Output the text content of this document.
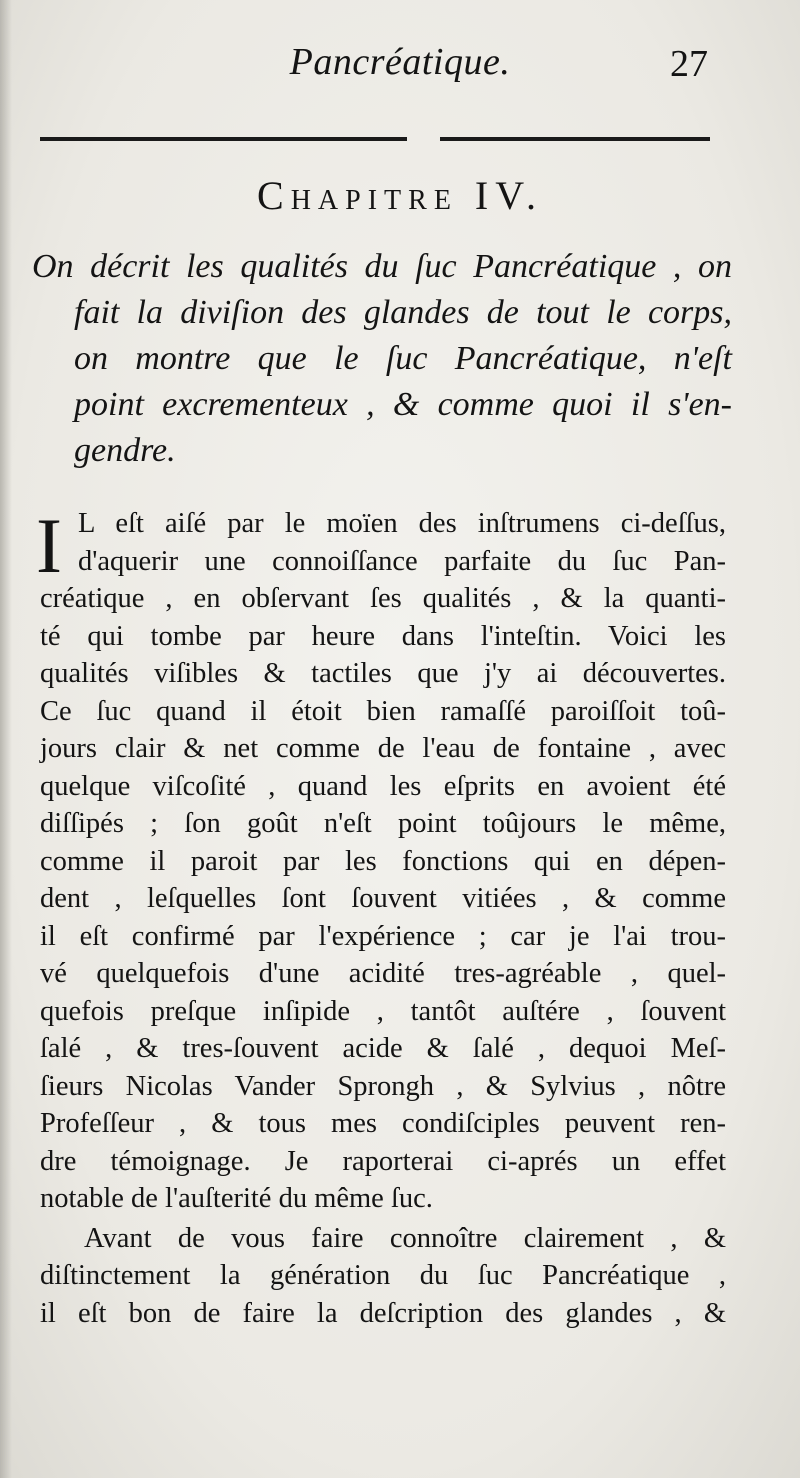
Pancréatique.	27
Chapitre IV.
On décrit les qualités du ſuc Pancréatique , on
fait la diviſion des glandes de tout le corps,
on montre que le ſuc Pancréatique, n'eſt
point excrementeux , & comme quoi il s'en-
gendre.
I L eſt aiſé par le moïen des inſtrumens ci-deſſus,
d'aquerir une connoiſſance parfaite du ſuc Pan-
créatique , en obſervant ſes qualités , & la quanti-
té qui tombe par heure dans l'inteſtin. Voici les
qualités viſibles & tactiles que j'y ai découvertes.
Ce ſuc quand il étoit bien ramaſſé paroiſſoit toû-
jours clair & net comme de l'eau de fontaine , avec
quelque viſcoſité , quand les eſprits en avoient été
diſſipés ; ſon goût n'eſt point toûjours le même,
comme il paroit par les fonctions qui en dépen-
dent , leſquelles ſont ſouvent vitiées , & comme
il eſt confirmé par l'expérience ; car je l'ai trou-
vé quelquefois d'une acidité tres-agréable , quel-
quefois preſque inſipide , tantôt auſtére , ſouvent
ſalé , & tres-ſouvent acide & ſalé , dequoi Meſ-
ſieurs Nicolas Vander Sprongh , & Sylvius , nôtre
Profeſſeur , & tous mes condiſciples peuvent ren-
dre témoignage. Je raporterai ci-aprés un effet
notable de l'auſterité du même ſuc.

Avant de vous faire connoître clairement , &
diſtinctement la génération du ſuc Pancréatique ,
il eſt bon de faire la deſcription des glandes , &
